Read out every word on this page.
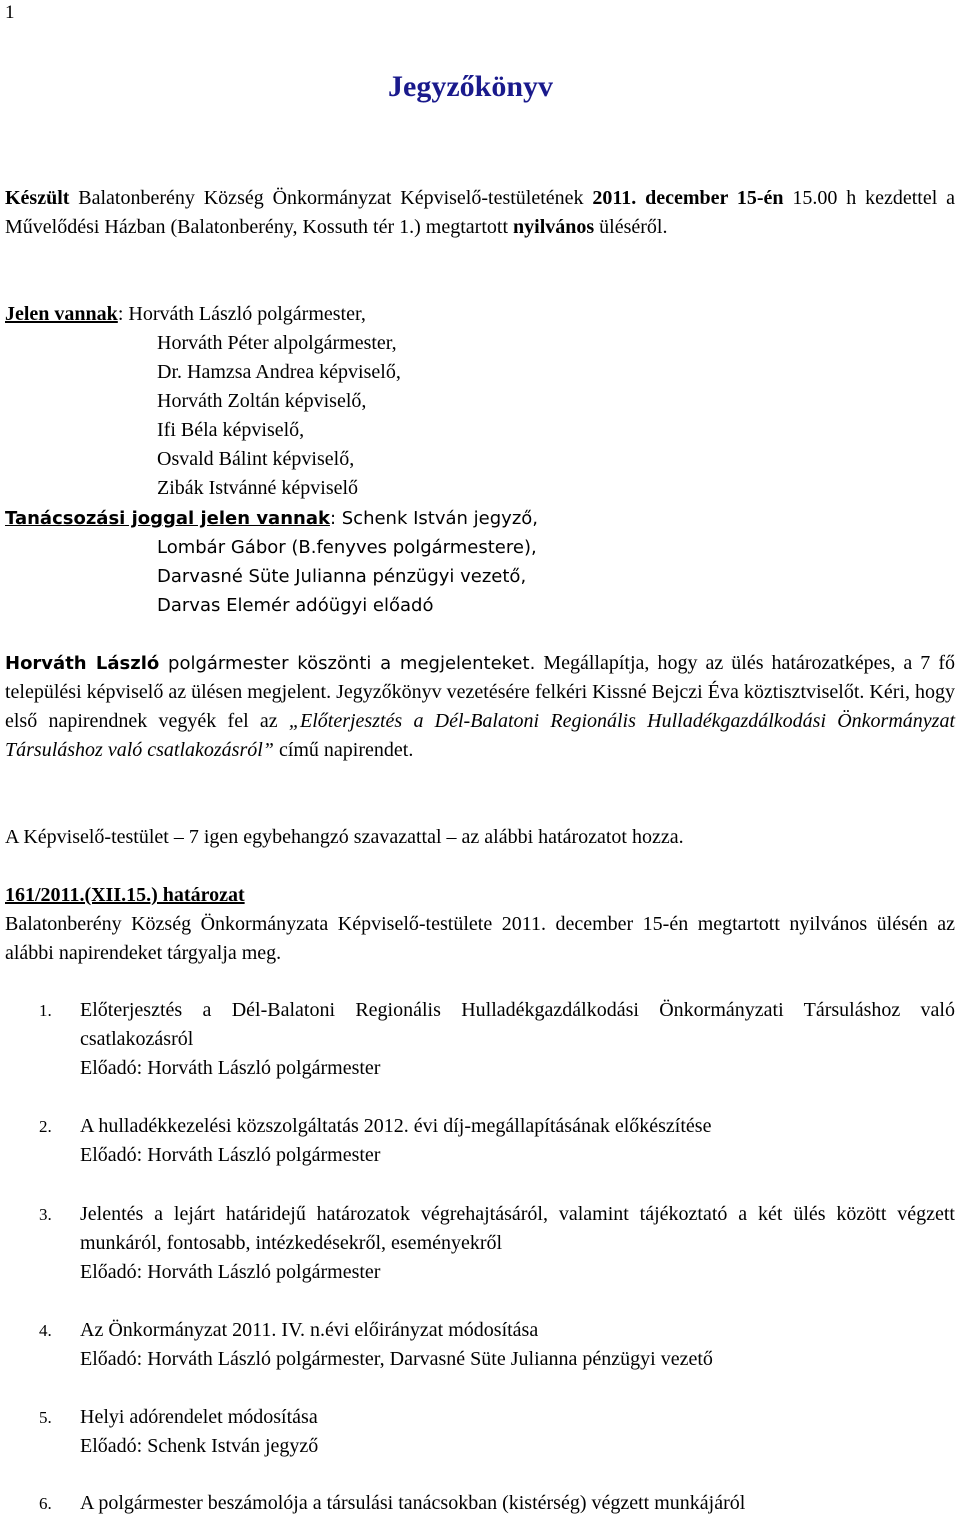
1
Jegyzőkönyv
Készült Balatonberény Község Önkormányzat Képviselő-testületének 2011. december 15-én 15.00 h kezdettel a Művelődési Házban (Balatonberény, Kossuth tér 1.) megtartott nyilvános üléséről.
Jelen vannak: Horváth László polgármester,
Horváth Péter alpolgármester,
Dr. Hamzsa Andrea képviselő,
Horváth Zoltán képviselő,
Ifi Béla képviselő,
Osvald Bálint képviselő,
Zibák Istvánné képviselő
Tanácsozási joggal jelen vannak: Schenk István jegyző,
Lombár Gábor (B.fenyves polgármestere),
Darvasné Süte Julianna pénzügyi vezető,
Darvas Elemér adóügyi előadó
Horváth László polgármester köszönti a megjelenteket. Megállapítja, hogy az ülés határozatképes, a 7 fő települési képviselő az ülésen megjelent. Jegyzőkönyv vezetésére felkéri Kissné Bejczi Éva köztisztviselőt. Kéri, hogy első napirendnek vegyék fel az „Előterjesztés a Dél-Balatoni Regionális Hulladékgazdálkodási Önkormányzat Társuláshoz való csatlakozásról” című napirendet.
A Képviselő-testület – 7 igen egybehangzó szavazattal – az alábbi határozatot hozza.
161/2011.(XII.15.) határozat
Balatonberény Község Önkormányzata Képviselő-testülete 2011. december 15-én megtartott nyilvános ülésén az alábbi napirendeket tárgyalja meg.
1. Előterjesztés a Dél-Balatoni Regionális Hulladékgazdálkodási Önkormányzati Társuláshoz való csatlakozásról
Előadó: Horváth László polgármester
2. A hulladékkezelési közszolgáltatás 2012. évi díj-megállapításának előkészítése
Előadó: Horváth László polgármester
3. Jelentés a lejárt határidejű határozatok végrehajtásáról, valamint tájékoztató a két ülés között végzett munkáról, fontosabb, intézkedésekről, eseményekről
Előadó: Horváth László polgármester
4. Az Önkormányzat 2011. IV. n.évi előirányzat módosítása
Előadó: Horváth László polgármester, Darvasné Süte Julianna pénzügyi vezető
5. Helyi adórendelet módosítása
Előadó: Schenk István jegyző
6. A polgármester beszámolója a társulási tanácsokban (kistérség) végzett munkájáról
